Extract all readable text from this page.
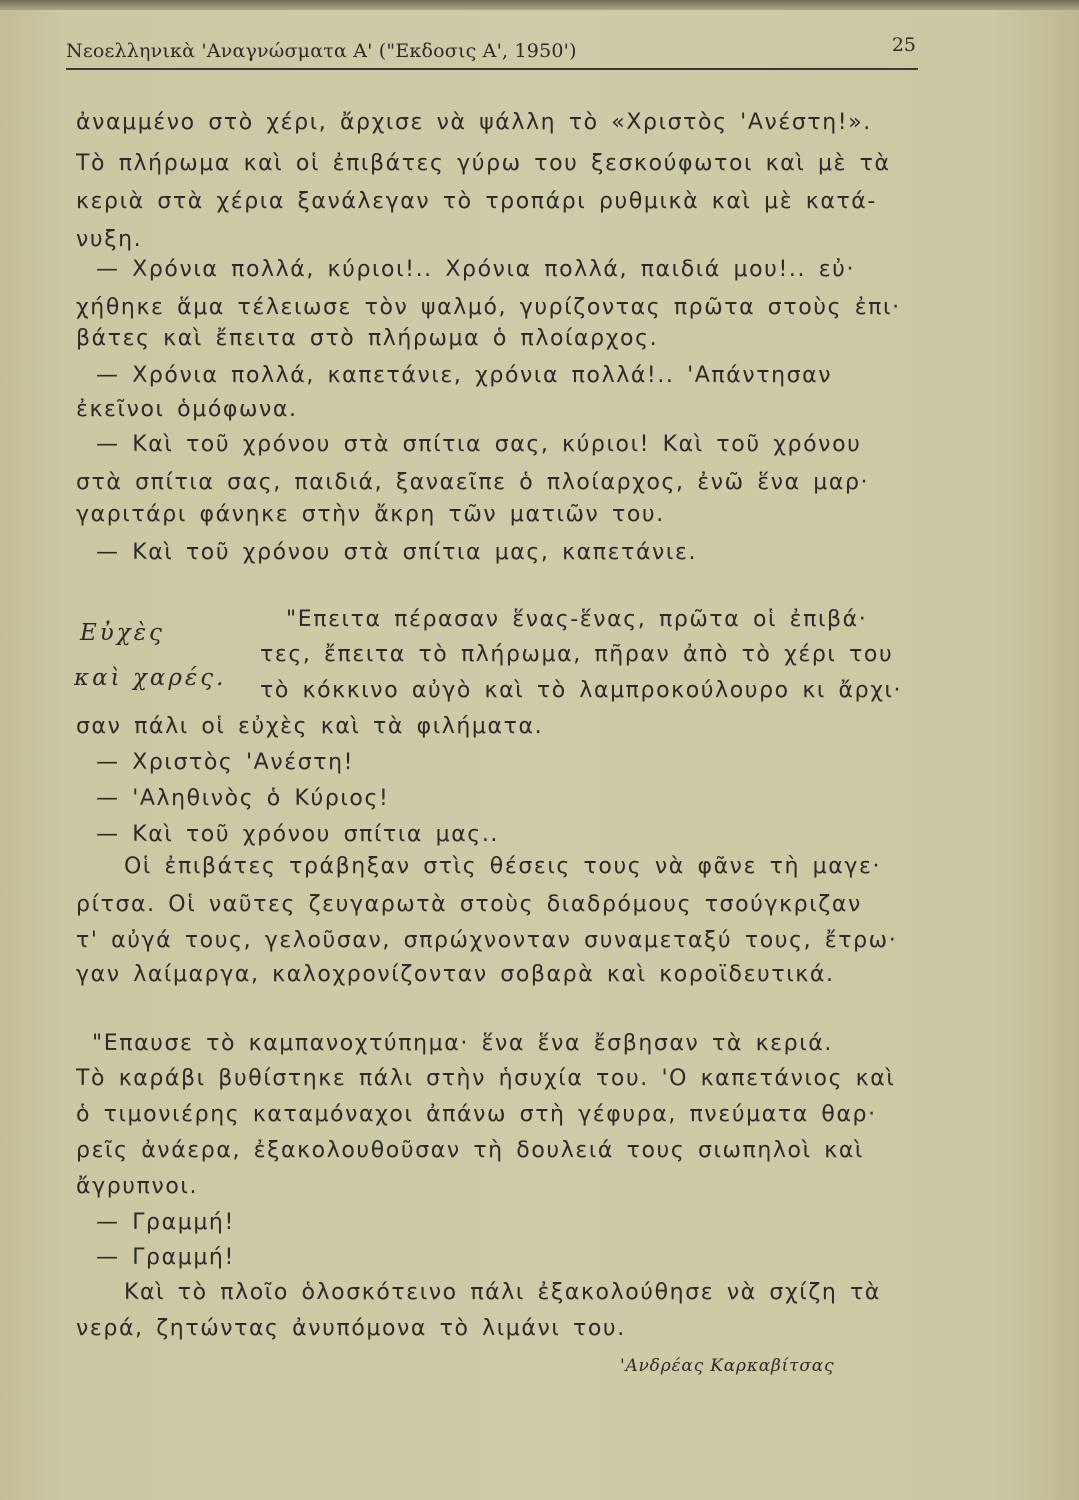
Νεοελληνικὰ 'Αναγνώσματα Α' ("Εκδοσις Α', 1950')	25
ἀναμμένο στὸ χέρι, ἄρχισε νὰ ψάλλη τὸ «Χριστὸς 'Ανέστη!».
Τὸ πλήρωμα καὶ οἱ ἐπιβάτες γύρω του ξεσκούφωτοι καὶ μὲ τὰ
κεριὰ στὰ χέρια ξανάλεγαν τὸ τροπάρι ρυθμικὰ καὶ μὲ κατά-
νυξη.
— Χρόνια πολλά, κύριοι!.. Χρόνια πολλά, παιδιά μου!.. εὐ·
χήθηκε ἅμα τέλειωσε τὸν ψαλμό, γυρίζοντας πρῶτα στοὺς ἐπι·
βάτες καὶ ἔπειτα στὸ πλήρωμα ὁ πλοίαρχος.
— Χρόνια πολλά, καπετάνιε, χρόνια πολλά!.. 'Απάντησαν
ἐκεῖνοι ὁμόφωνα.
— Καὶ τοῦ χρόνου στὰ σπίτια σας, κύριοι! Καὶ τοῦ χρόνου
στὰ σπίτια σας, παιδιά, ξαναεῖπε ὁ πλοίαρχος, ἐνῶ ἕνα μαρ·
γαριτάρι φάνηκε στὴν ἄκρη τῶν ματιῶν του.
— Καὶ τοῦ χρόνου στὰ σπίτια μας, καπετάνιε.
Εὐχὲς
καὶ χαρές.
"Επειτα πέρασαν ἕνας-ἕνας, πρῶτα οἱ ἐπιβά·
τες, ἔπειτα τὸ πλήρωμα, πῆραν ἀπὸ τὸ χέρι του
τὸ κόκκινο αὐγὸ καὶ τὸ λαμπροκούλουρο κι ἄρχι·
σαν πάλι οἱ εὐχὲς καὶ τὰ φιλήματα.
— Χριστὸς 'Ανέστη!
— 'Αληθινὸς ὁ Κύριος!
— Καὶ τοῦ χρόνου σπίτια μας..
Οἱ ἐπιβάτες τράβηξαν στὶς θέσεις τους νὰ φᾶνε τὴ μαγε·
ρίτσα. Οἱ ναῦτες ζευγαρωτὰ στοὺς διαδρόμους τσούγκριζαν
τ' αὐγά τους, γελοῦσαν, σπρώχνονταν συναμεταξύ τους, ἔτρω·
γαν λαίμαργα, καλοχρονίζονταν σοβαρὰ καὶ κοροϊδευτικά.
"Επαυσε τὸ καμπανοχτύπημα· ἕνα ἕνα ἔσβησαν τὰ κεριά.
Τὸ καράβι βυθίστηκε πάλι στὴν ἡσυχία του. 'Ο καπετάνιος καὶ
ὁ τιμονιέρης καταμόναχοι ἀπάνω στὴ γέφυρα, πνεύματα θαρ·
ρεῖς ἀνάερα, ἐξακολουθοῦσαν τὴ δουλειά τους σιωπηλοὶ καὶ
ἄγρυπνοι.
— Γραμμή!
— Γραμμή!
Καὶ τὸ πλοῖο ὁλοσκότεινο πάλι ἐξακολούθησε νὰ σχίζη τὰ
νερά, ζητώντας ἀνυπόμονα τὸ λιμάνι του.
'Ανδρέας Καρκαβίτσας
